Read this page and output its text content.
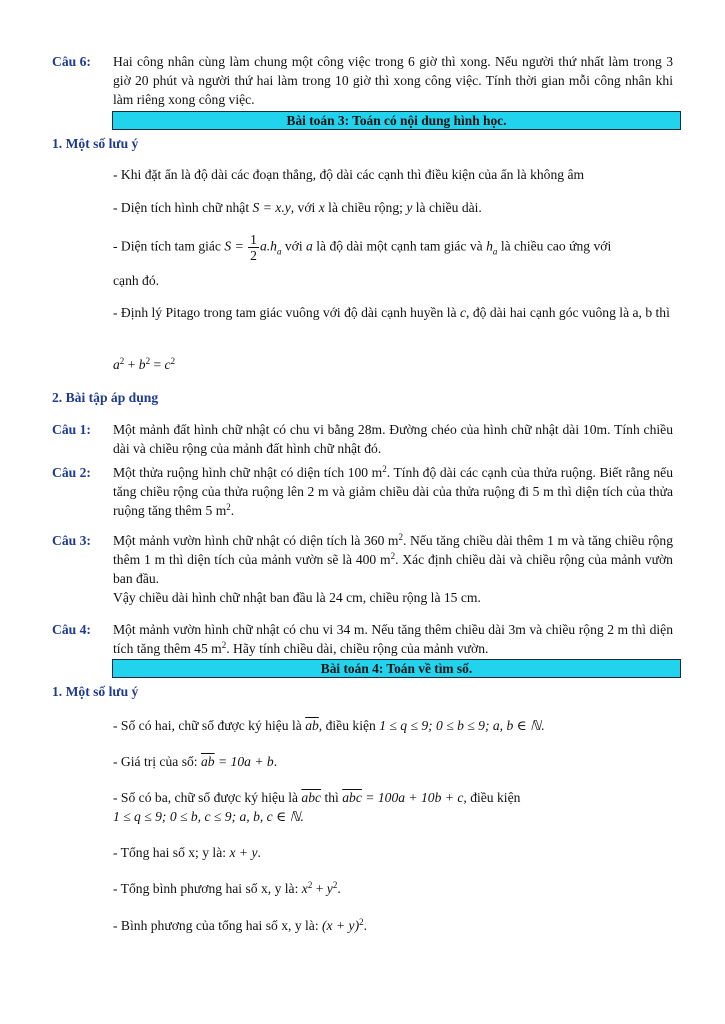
Câu 6:	Hai công nhân cùng làm chung một công việc trong 6 giờ thì xong. Nếu người thứ nhất làm trong 3 giờ 20 phút và người thứ hai làm trong 10 giờ thì xong công việc. Tính thời gian mỗi công nhân khi làm riêng xong công việc.
Bài toán 3: Toán có nội dung hình học.
1. Một số lưu ý
- Khi đặt ẩn là độ dài các đoạn thẳng, độ dài các cạnh thì điều kiện của ẩn là không âm
- Diện tích hình chữ nhật S = x.y, với x là chiều rộng; y là chiều dài.
- Diện tích tam giác $S = \frac{1}{2} a.h_a$ với a là độ dài một cạnh tam giác và $h_a$ là chiều cao ứng với
cạnh đó.
- Định lý Pitago trong tam giác vuông với độ dài cạnh huyền là c, độ dài hai cạnh góc vuông là a, b thì
$a^2 + b^2 = c^2$
2. Bài tập áp dụng
Câu 1:	Một mảnh đất hình chữ nhật có chu vi bằng 28m. Đường chéo của hình chữ nhật dài 10m. Tính chiều dài và chiều rộng của mảnh đất hình chữ nhật đó.
Câu 2:	Một thửa ruộng hình chữ nhật có diện tích 100 $m^2$. Tính độ dài các cạnh của thửa ruộng. Biết rằng nếu tăng chiều rộng của thửa ruộng lên 2 m và giảm chiều dài của thửa ruộng đi 5 m thì diện tích của thửa ruộng tăng thêm 5 $m^2$.
Câu 3:	Một mảnh vườn hình chữ nhật có diện tích là 360 $m^2$. Nếu tăng chiều dài thêm 1 m và tăng chiều rộng thêm 1 m thì diện tích của mảnh vườn sẽ là 400 $m^2$. Xác định chiều dài và chiều rộng của mảnh vườn ban đầu.
Vậy chiều dài hình chữ nhật ban đầu là 24 cm, chiều rộng là 15 cm.
Câu 4:	Một mảnh vườn hình chữ nhật có chu vi 34 m. Nếu tăng thêm chiều dài 3m và chiều rộng 2 m thì diện tích tăng thêm 45 $m^2$. Hãy tính chiều dài, chiều rộng của mảnh vườn.
Bài toán 4: Toán về tìm số.
1. Một số lưu ý
- Số có hai, chữ số được ký hiệu là $\overline{ab}$, điều kiện 1 ≤ q ≤ 9; 0 ≤ b ≤ 9; a, b ∈ ℕ.
- Giá trị của số: $\overline{ab} = 10a + b$.
- Số có ba, chữ số được ký hiệu là $\overline{abc}$ thì $\overline{abc} = 100a + 10b + c$, điều kiện
1 ≤ q ≤ 9; 0 ≤ b, c ≤ 9; a, b, c ∈ ℕ.
- Tổng hai số x; y là: x + y.
- Tổng bình phương hai số x, y là: $x^2 + y^2$.
- Bình phương của tổng hai số x, y là: $(x + y)^2$.
